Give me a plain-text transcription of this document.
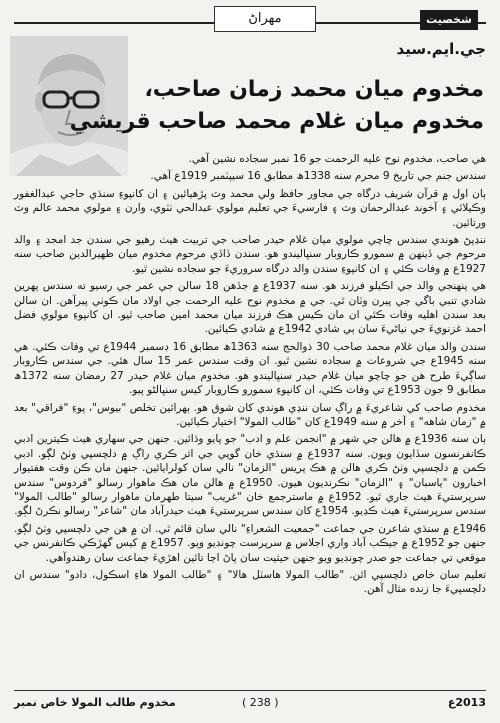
مهراڻ	شخصيت
جي.ايم.سيد
مخدوم ميان محمد زمان صاحب،
مخدوم ميان غلام محمد صاحب قريشي

هي صاحب، مخدوم نوح عليه الرحمت جو 16 نمبر سجاده نشين آهي.

سندس جنم جي تاريخ 9 محرم سنه 1338ھ مطابق 16 سيپٽمبر 1919ع آهي.

ٻان اول ۾ قرآن شريف درگاه جي مجاور حافظ ولي محمد وٽ پڙهيائين ۽ ان کانپوءِ سنڌي حاجي عبدالغفور وڪيلائي ۽ آخوند عبدالرحمان وٽ ۽ فارسيءَ جي تعليم مولوي عبدالحي ٺٽوي، وارن ۽ مولوي محمد عالم وٽ ورتائين.

ننڍپڻ هوندي سندس چاچي مولوي ميان غلام حيدر صاحب جي تربيت هيٺ رهيو جي سندن جد امجد ۽ والد مرحوم جي ڏينهن ۾ سمورو ڪاروبار سنڀاليندو هو. سندن ڏاڏي مرحوم مخدوم ميان ظهيرالدين صاحب سنه 1927ع ۾ وفات ڪئي ۽ ان کانپوءِ سندن والد درگاه سروريءَ جو سجاده نشين ٿيو.

هي پنهنجي والد جي اڪيلو فرزند هو. سنه 1937ع ۾ جڏهن 18 سالن جي عمر جي رسيو ته سندس پهرين شادي تنبي باگي جي پيرن وٽان ٿي. جي ۾ مخدوم نوح عليه الرحمت جي اولاد مان ڪوٺي پيرآهن. ان سالن بعد سندن اهليه وفات ڪئي ان مان ڪيس هڪ فرزند ميان محمد امين صاحب ٿيو. ان کانپوءِ مولوي فضل احمد غزنويءَ جي نياڻيءَ سان ٻي شادي 1942ع ۾ شادي ڪيائين.

سندن والد ميان غلام محمد صاحب 30 ذوالحج سنه 1363ھ مطابق 16 ڊسمبر 1944ع تي وفات ڪئي. هي سنه 1945ع جي شروعات ۾ سجاده نشين ٿيو. ان وقت سندس عمر 15 سال هئي. جي سندس ڪاروبار ساڳيءَ طرح هن جو چاچو ميان غلام حيدر سنڀاليندو هو. مخدوم ميان غلام حيدر 27 رمضان سنه 1372ھ مطابق 9 جون 1953ع تي وفات ڪئي، ان کانپوءِ سمورو ڪاروبار کيس سنڀالڻو پيو.

مخدوم صاحب کي شاعريءَ ۾ راڳ سان ننڍي هوندي کان شوق هو. ٻهرائين تخلص "بيوس"، پوءِ "فراقي" بعد ۾ "زمان شاهه" ۽ آخر ۾ سنه 1949ع کان "طالب المولا" اختيار ڪيائين.

ٻان سنه 1936ع ۾ هالن جي شهر ۾ "انجمن علم و ادب" جو پايو وڌائين. جنهن جي سهاري هيٺ ڪيترين ادبي ڪانفرنسون سڏايون ويون. سنه 1937ع ۾ سنڌي خان گوپي جي اثر ڪري راڳ ۾ دلچسپي وٺڻ لڳو. ادبي ڪمن ۾ دلچسپي وٺڻ ڪري هالن ۾ هڪ پريس "الزمان" نالي سان کولرايائين. جنهن مان ڪن وقت هفتيوار اخبارون "ياسبان" ۽ "الزمان" نڪرنديون هيون. 1950ع ۾ هالن مان هڪ ماهوار رسالو "فردوس" سندس سرپرستيءَ هيٺ جاري ٿيو. 1952ع ۾ ماسترجمع خان "غريب" سيتا طهرمان ماهوار رسالو "طالب المولا" سندس سرپرستيءَ هيٺ ڪڍيو. 1954ع کان سندس سرپرستيءَ هيٺ حيدرآباد مان "شاعر" رسالو نڪرڻ لڳو.

1946ع ۾ سنڌي شاعرن جي جماعت "جمعيت الشعراءِ" نالي سان قائم ٿي. ان ۾ هن جي دلچسپي وٺڻ لڳو. جنهن جو 1952ع ۾ جيڪب آباد واري اجلاس ۾ سرپرست چونڊيو ويو. 1957ع ۾ کيس گهڙڪي ڪانفرنس جي موقعي تي جماعت جو صدر چونڊيو ويو جنهن حيثيت سان پاڻ اڄا تائين اهڙيءَ جماعت سان رهندوآهي.

تعليم سان خاص دلچسپي اٿن. "طالب المولا هاسٽل هالا" ۽ "طالب المولا هاءِ اسڪول، دادو" سندس ان دلچسپيءَ جا زنده مثال آهن.

مخدوم طالب المولا خاص نمبر	( 238 )	2013ع
